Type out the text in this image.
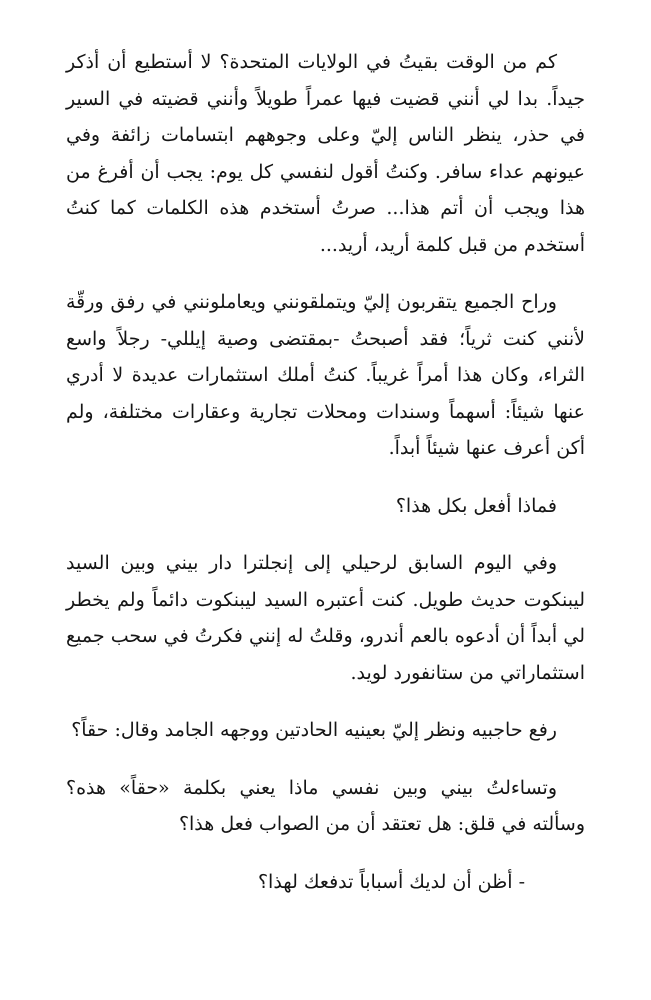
كم من الوقت بقيتُ في الولايات المتحدة؟ لا أستطيع أن أذكر جيداً. بدا لي أنني قضيت فيها عمراً طويلاً وأنني قضيته في السير في حذر، ينظر الناس إليّ وعلى وجوههم ابتسامات زائفة وفي عيونهم عداء سافر. وكنتُ أقول لنفسي كل يوم: يجب أن أفرغ من هذا ويجب أن أتم هذا... صرتُ أستخدم هذه الكلمات كما كنتُ أستخدم من قبل كلمة أريد، أريد...

وراح الجميع يتقربون إليّ ويتملقونني ويعاملونني في رفق ورقّة لأنني كنت ثرياً؛ فقد أصبحتُ -بمقتضى وصية إيللي- رجلاً واسع الثراء، وكان هذا أمراً غريباً. كنتُ أملك استثمارات عديدة لا أدري عنها شيئاً: أسهماً وسندات ومحلات تجارية وعقارات مختلفة، ولم أكن أعرف عنها شيئاً أبداً.

فماذا أفعل بكل هذا؟

وفي اليوم السابق لرحيلي إلى إنجلترا دار بيني وبين السيد ليبنكوت حديث طويل. كنت أعتبره السيد ليبنكوت دائماً ولم يخطر لي أبداً أن أدعوه بالعم أندرو، وقلتُ له إنني فكرتُ في سحب جميع استثماراتي من ستانفورد لويد.

رفع حاجبيه ونظر إليّ بعينيه الحادتين ووجهه الجامد وقال: حقاً؟

وتساءلتُ بيني وبين نفسي ماذا يعني بكلمة «حقاً» هذه؟ وسألته في قلق: هل تعتقد أن من الصواب فعل هذا؟

- أظن أن لديك أسباباً تدفعك لهذا؟
